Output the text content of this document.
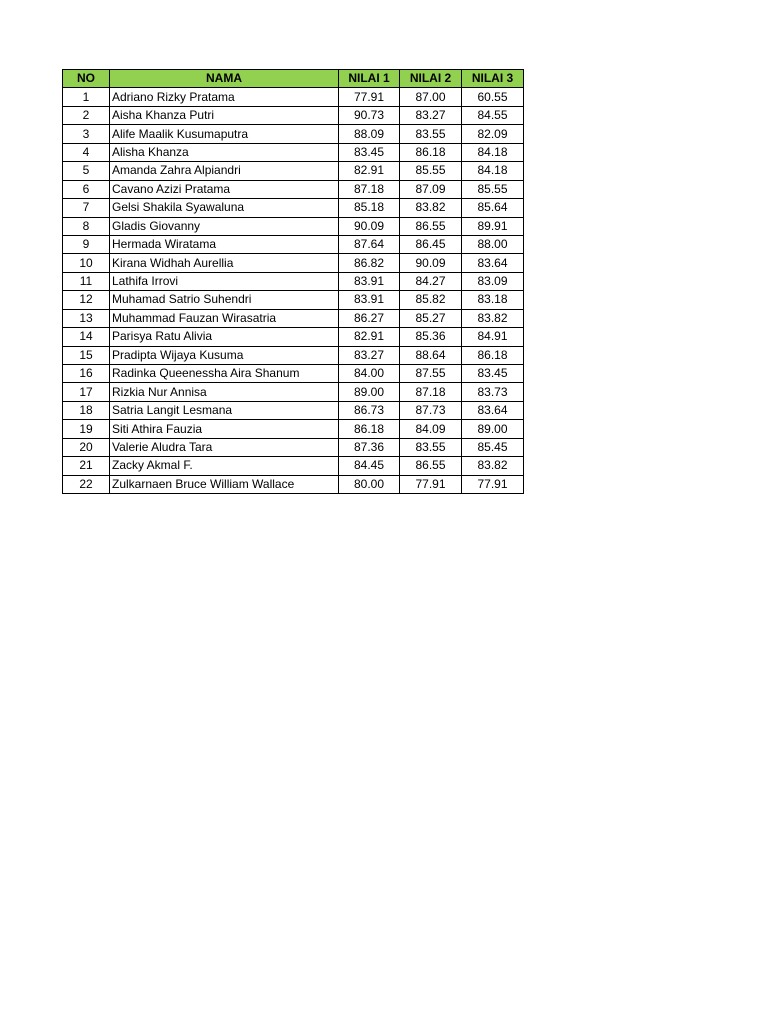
NO	NAMA	NILAI 1	NILAI 2	NILAI 3
1	Adriano Rizky Pratama	77.91	87.00	60.55
2	Aisha Khanza Putri	90.73	83.27	84.55
3	Alife Maalik Kusumaputra	88.09	83.55	82.09
4	Alisha Khanza	83.45	86.18	84.18
5	Amanda Zahra Alpiandri	82.91	85.55	84.18
6	Cavano Azizi Pratama	87.18	87.09	85.55
7	Gelsi Shakila Syawaluna	85.18	83.82	85.64
8	Gladis Giovanny	90.09	86.55	89.91
9	Hermada Wiratama	87.64	86.45	88.00
10	Kirana Widhah Aurellia	86.82	90.09	83.64
11	Lathifa Irrovi	83.91	84.27	83.09
12	Muhamad Satrio Suhendri	83.91	85.82	83.18
13	Muhammad Fauzan Wirasatria	86.27	85.27	83.82
14	Parisya Ratu Alivia	82.91	85.36	84.91
15	Pradipta Wijaya Kusuma	83.27	88.64	86.18
16	Radinka Queenessha Aira Shanum	84.00	87.55	83.45
17	Rizkia Nur Annisa	89.00	87.18	83.73
18	Satria Langit Lesmana	86.73	87.73	83.64
19	Siti Athira Fauzia	86.18	84.09	89.00
20	Valerie Aludra Tara	87.36	83.55	85.45
21	Zacky Akmal F.	84.45	86.55	83.82
22	Zulkarnaen Bruce William Wallace	80.00	77.91	77.91
